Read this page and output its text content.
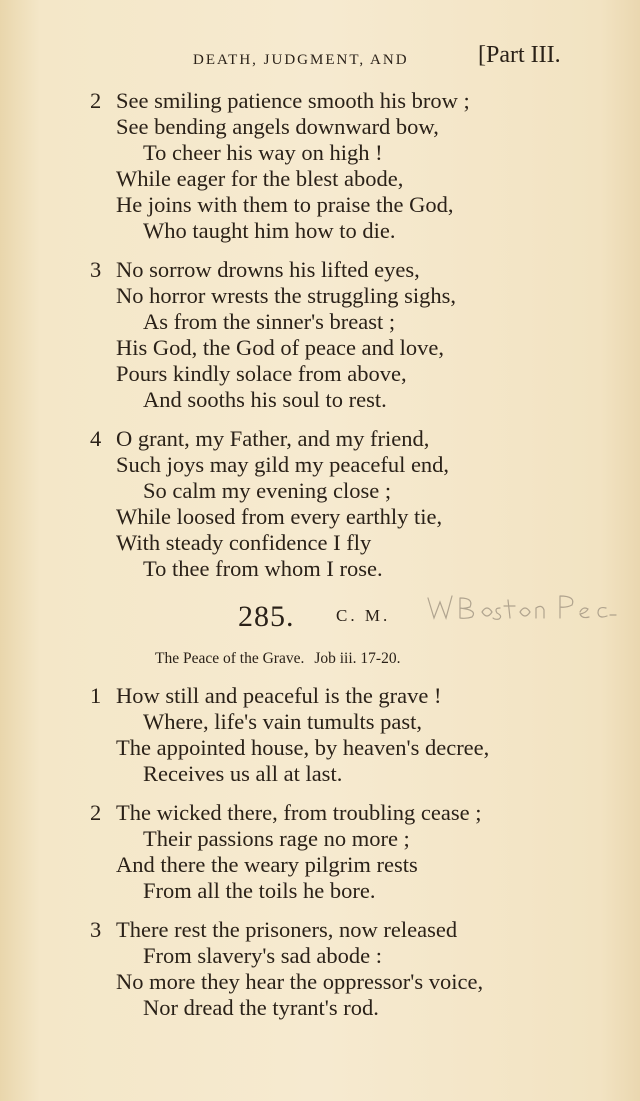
DEATH, JUDGMENT, AND	[Part III.
2 See smiling patience smooth his brow ;
See bending angels downward bow,
To cheer his way on high !
While eager for the blest abode,
He joins with them to praise the God,
Who taught him how to die.
3 No sorrow drowns his lifted eyes,
No horror wrests the struggling sighs,
As from the sinner's breast ;
His God, the God of peace and love,
Pours kindly solace from above,
And sooths his soul to rest.
4 O grant, my Father, and my friend,
Such joys may gild my peaceful end,
So calm my evening close ;
While loosed from every earthly tie,
With steady confidence I fly
To thee from whom I rose.
285. C. M.
The Peace of the Grave. Job iii. 17-20.
1 How still and peaceful is the grave !
Where, life's vain tumults past,
The appointed house, by heaven's decree,
Receives us all at last.
2 The wicked there, from troubling cease ;
Their passions rage no more ;
And there the weary pilgrim rests
From all the toils he bore.
3 There rest the prisoners, now released
From slavery's sad abode :
No more they hear the oppressor's voice,
Nor dread the tyrant's rod.
